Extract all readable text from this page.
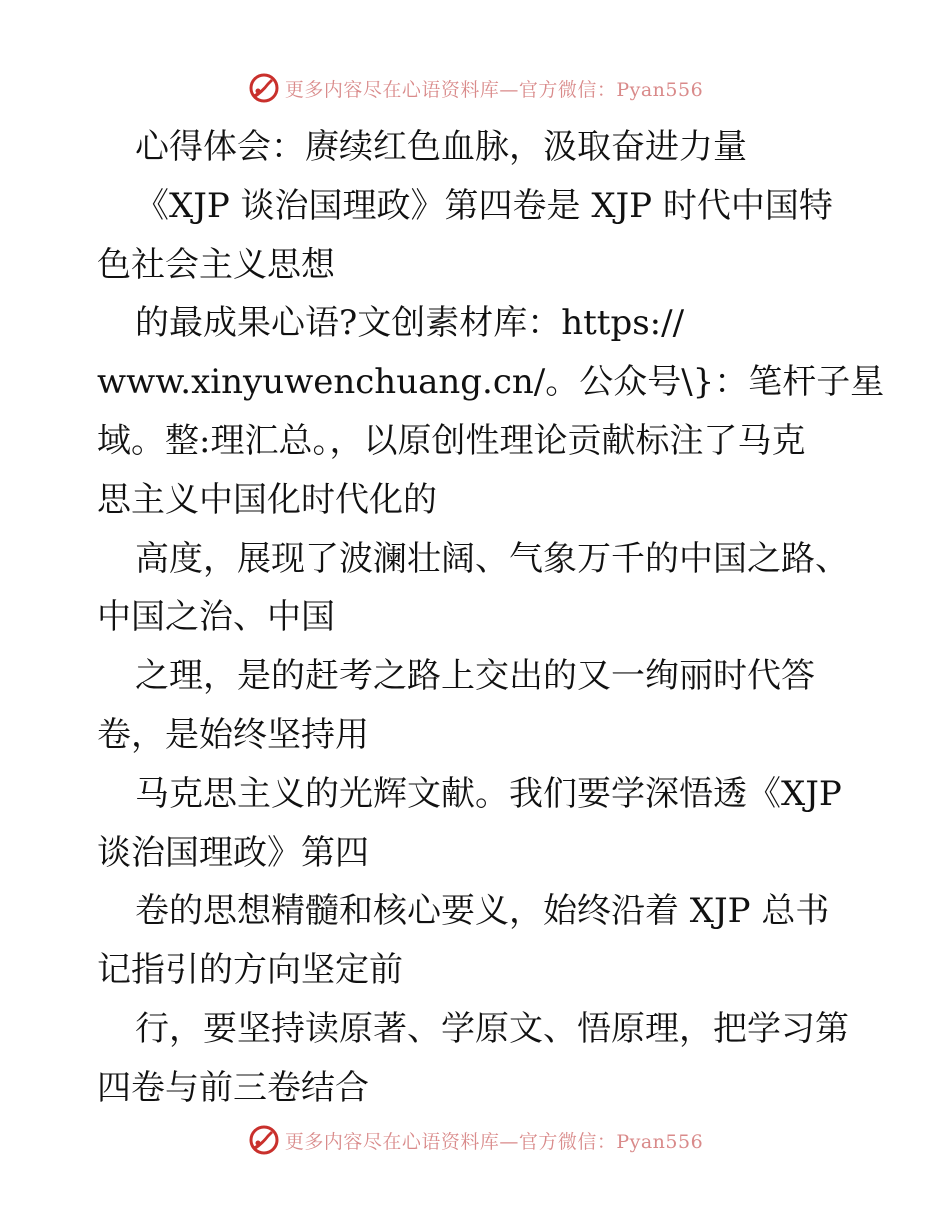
更多内容尽在心语资料库—官方微信：Pyan556
心得体会：赓续红色血脉，汲取奋进力量
《XJP 谈治国理政》第四卷是 XJP 时代中国特
色社会主义思想
的最成果心语?文创素材库：https://
www.xinyuwenchuang.cn/。公众号\}：笔杆子星
域。整:理汇总。，以原创性理论贡献标注了马克
思主义中国化时代化的
高度，展现了波澜壮阔、气象万千的中国之路、
中国之治、中国
之理，是的赶考之路上交出的又一绚丽时代答
卷，是始终坚持用
马克思主义的光辉文献。我们要学深悟透《XJP
谈治国理政》第四
卷的思想精髓和核心要义，始终沿着 XJP 总书
记指引的方向坚定前
行，要坚持读原著、学原文、悟原理，把学习第
四卷与前三卷结合
更多内容尽在心语资料库—官方微信：Pyan556
